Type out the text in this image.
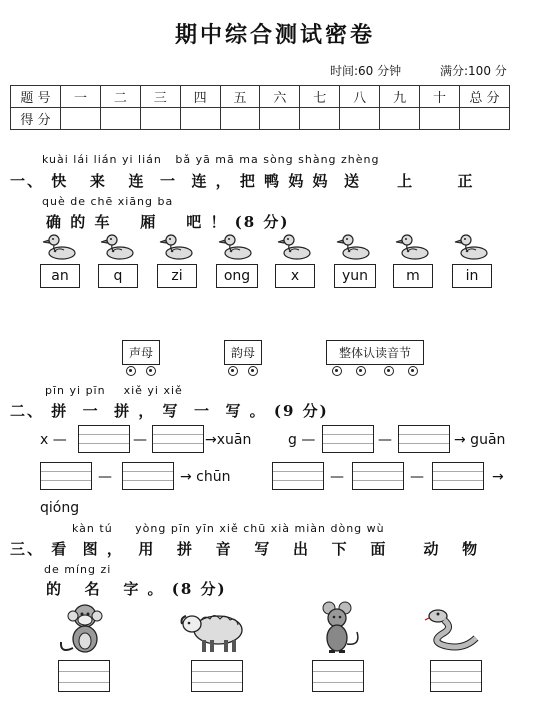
期中综合测试密卷
时间:60 分钟	满分:100 分
题 号	一	二	三	四	五	六	七	八	九	十	总 分
得 分											
kuài lái lián yi lián   bǎ yā mā ma sòng shàng zhèng
一、 快   来   连  一  连 ， 把 鸭 妈 妈  送     上      正
què de chē xiāng ba
确 的 车    厢    吧 ！ (8 分)
an	q	zi	ong	x	yun	m	in
声母	韵母	整体认读音节
pīn yi pīn    xiě yi xiě
二、 拼  一  拼 ， 写  一  写 。 (9 分)
x —	—	→xuān	g —	—	→ guān
—	→ chūn	—	—	→
qióng
kàn tú     yòng pīn yīn xiě chū xià miàn dòng wù
三、 看  图 ，  用   拼   音   写   出   下   面     动   物
de míng zi
的   名   字 。 (8 分)
